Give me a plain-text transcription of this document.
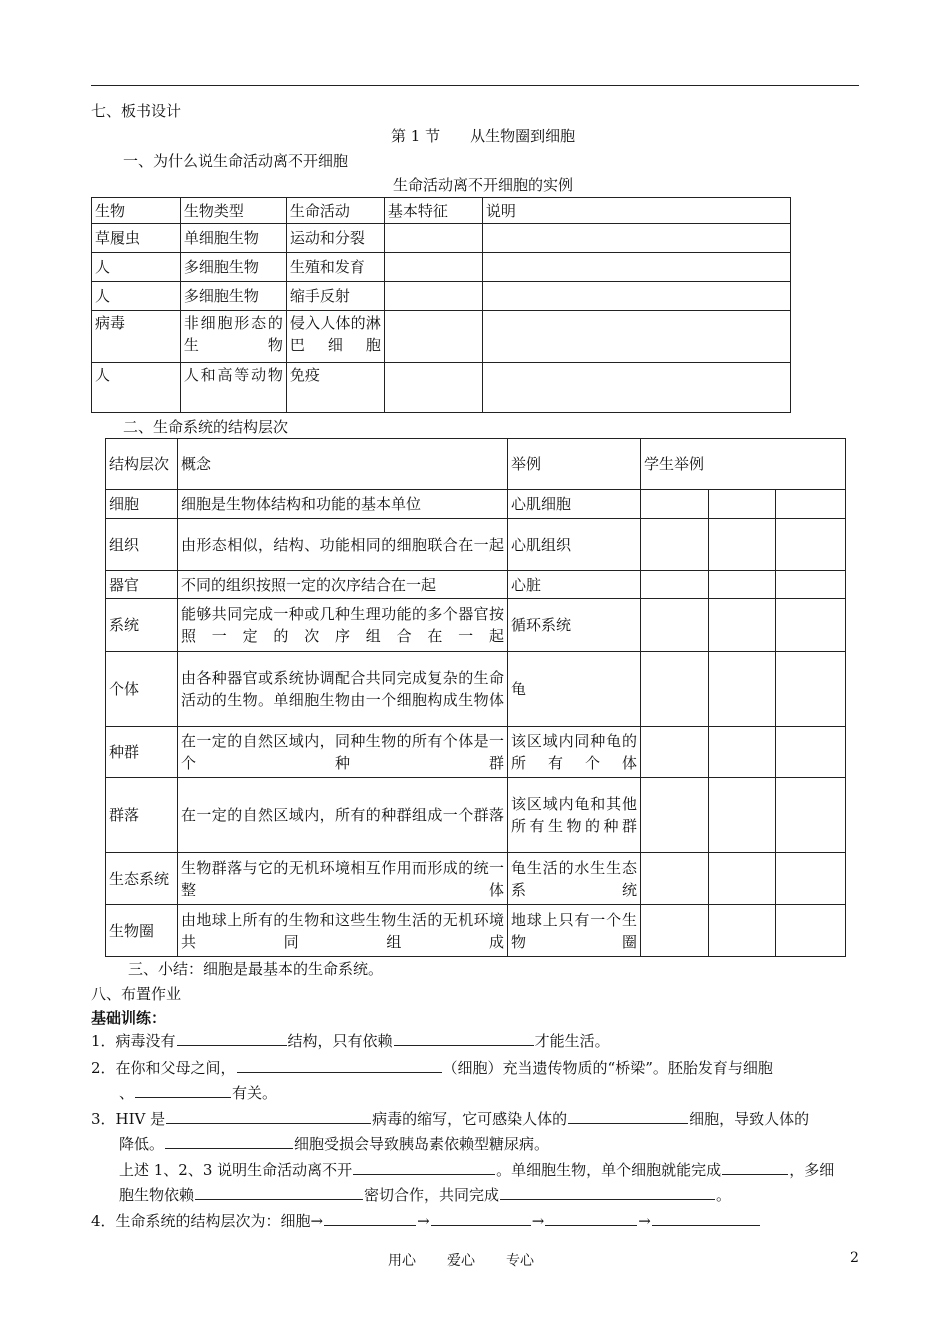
七、板书设计
第 1 节　　从生物圈到细胞
一、为什么说生命活动离不开细胞
生命活动离不开细胞的实例
生物	生物类型	生命活动	基本特征	说明
草履虫	单细胞生物	运动和分裂		
人	多细胞生物	生殖和发育		
人	多细胞生物	缩手反射		
病毒	非细胞形态的生物	侵入人体的淋巴细胞		
人	人和高等动物	免疫		
二、生命系统的结构层次
结构层次	概念	举例	学生举例		
细胞	细胞是生物体结构和功能的基本单位	心肌细胞			
组织	由形态相似，结构、功能相同的细胞联合在一起	心肌组织			
器官	不同的组织按照一定的次序结合在一起	心脏			
系统	能够共同完成一种或几种生理功能的多个器官按照一定的次序组合在一起	循环系统			
个体	由各种器官或系统协调配合共同完成复杂的生命活动的生物。单细胞生物由一个细胞构成生物体	龟			
种群	在一定的自然区域内，同种生物的所有个体是一个种群	该区域内同种龟的所有个体			
群落	在一定的自然区域内，所有的种群组成一个群落	该区域内龟和其他所有生物的种群			
生态系统	生物群落与它的无机环境相互作用而形成的统一整体	龟生活的水生生态系统			
生物圈	由地球上所有的生物和这些生物生活的无机环境共同组成	地球上只有一个生物圈			
三、小结：细胞是最基本的生命系统。
八、布置作业
基础训练：
1．病毒没有	结构，只有依赖	才能生活。
2．在你和父母之间，	（细胞）充当遗传物质的“桥梁”。胚胎发育与细胞
、	有关。
3．HIV 是	病毒的缩写，它可感染人体的	细胞，导致人体的
降低。	细胞受损会导致胰岛素依赖型糖尿病。
上述 1、2、3 说明生命活动离不开	。单细胞生物，单个细胞就能完成	，多细
胞生物依赖	密切合作，共同完成	。
4．生命系统的结构层次为：细胞→	→	→	→
用心 爱心 专心	2
